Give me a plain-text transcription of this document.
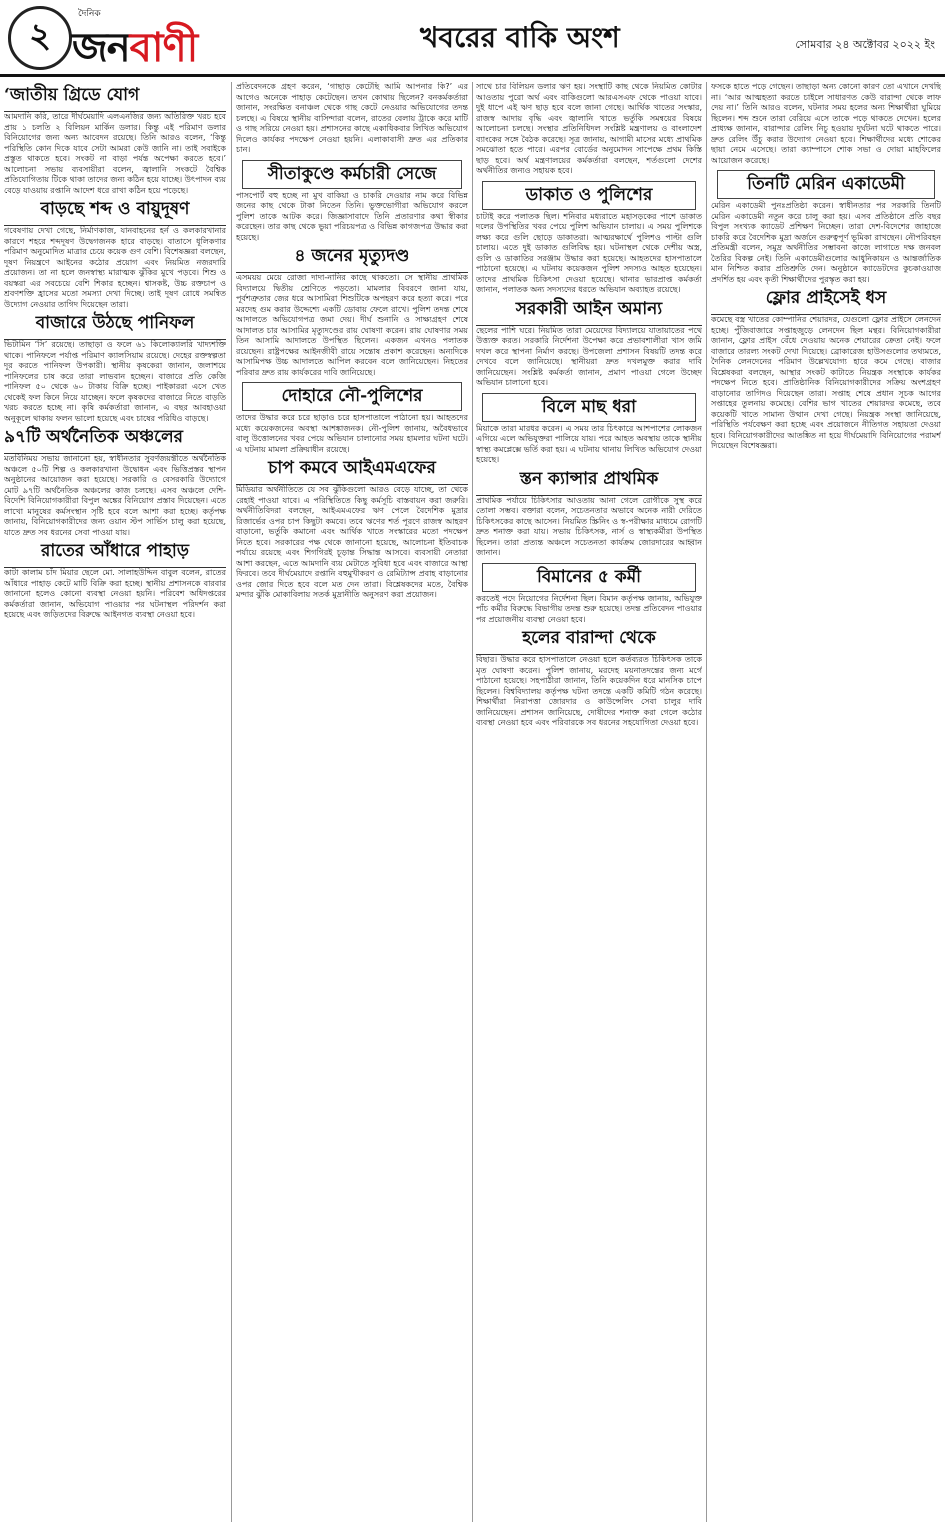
২
দৈনিক
জনবাণী	খবরের বাকি অংশ	সোমবার ২৪ অক্টোবর ২০২২ ইং
‘জাতীয় গ্রিডে যোগ

আমদানি করি, তারে দীর্ঘমেয়াদি এলএনজির জন্য অতিরিক্ত খরচ হবে প্রায় ১ চলতি ২ বিলিয়ন মার্কিন ডলার। কিন্তু এই পরিমাণ ডলার বিনিয়োগের জন্য অন্য আবেদন রয়েছে। তিনি আরও বলেন, ‘কিন্তু পরিস্থিতি কোন দিকে যাবে সেটা আমরা কেউ জানি না। তাই সবাইকে প্রস্তুত থাকতে হবে। সংকট না বাড়া পর্যন্ত অপেক্ষা করতে হবে।’ আলোচনা সভায় ব্যবসায়ীরা বলেন, জ্বালানি সংকটে বৈশ্বিক প্রতিযোগিতায় টিকে থাকা তাদের জন্য কঠিন হয়ে যাচ্ছে। উৎপাদন ব্যয় বেড়ে যাওয়ায় রপ্তানি আদেশ ধরে রাখা কঠিন হয়ে পড়েছে।

বাড়ছে শব্দ ও বায়ুদূষণ

গবেষণায় দেখা গেছে, নির্মাণকাজ, যানবাহনের হর্ন ও কলকারখানার কারণে শহরে শব্দদূষণ উদ্বেগজনক হারে বাড়ছে। বাতাসে ধূলিকণার পরিমাণ অনুমোদিত মাত্রার চেয়ে কয়েক গুণ বেশি। বিশেষজ্ঞরা বলছেন, দূষণ নিয়ন্ত্রণে আইনের কঠোর প্রয়োগ এবং নিয়মিত নজরদারি প্রয়োজন। তা না হলে জনস্বাস্থ্য মারাত্মক ঝুঁকির মুখে পড়বে। শিশু ও বয়স্করা এর সবচেয়ে বেশি শিকার হচ্ছেন। শ্বাসকষ্ট, উচ্চ রক্তচাপ ও শ্রবণশক্তি হ্রাসের মতো সমস্যা দেখা দিচ্ছে। তাই দূষণ রোধে সমন্বিত উদ্যোগ নেওয়ার তাগিদ দিয়েছেন তারা।

বাজারে উঠছে পানিফল

ভিটামিন ‘সি’ রয়েছে। তাছাড়া ও ফলে ৬১ কিলোক্যালরি খাদ্যশক্তি থাকে। পানিফলে পর্যাপ্ত পরিমাণ ক্যালসিয়াম রয়েছে। দেহের রক্তস্বল্পতা দূর করতে পানিফল উপকারী। স্থানীয় কৃষকেরা জানান, জলাশয়ে পানিফলের চাষ করে তারা লাভবান হচ্ছেন। বাজারে প্রতি কেজি পানিফল ৫০ থেকে ৬০ টাকায় বিক্রি হচ্ছে। পাইকাররা এসে খেত থেকেই ফল কিনে নিয়ে যাচ্ছেন। ফলে কৃষকদের বাজারে নিতে বাড়তি খরচ করতে হচ্ছে না। কৃষি কর্মকর্তারা জানান, এ বছর আবহাওয়া অনুকূলে থাকায় ফলন ভালো হয়েছে এবং চাষের পরিধিও বাড়ছে।

৯৭টি অর্থনৈতিক অঞ্চলের

মতবিনিময় সভায় জানানো হয়, স্বাধীনতার সুবর্ণজয়ন্তীতে অর্থনৈতিক অঞ্চলে ৫০টি শিল্প ও কলকারখানা উদ্বোধন এবং ভিত্তিপ্রস্তর স্থাপন অনুষ্ঠানের আয়োজন করা হয়েছে। সরকারি ও বেসরকারি উদ্যোগে মোট ৯৭টি অর্থনৈতিক অঞ্চলের কাজ চলছে। এসব অঞ্চলে দেশি-বিদেশি বিনিয়োগকারীরা বিপুল অঙ্কের বিনিয়োগ প্রস্তাব দিয়েছেন। এতে লাখো মানুষের কর্মসংস্থান সৃষ্টি হবে বলে আশা করা হচ্ছে। কর্তৃপক্ষ জানায়, বিনিয়োগকারীদের জন্য ওয়ান স্টপ সার্ভিস চালু করা হয়েছে, যাতে দ্রুত সব ধরনের সেবা পাওয়া যায়।

রাতের আঁধারে পাহাড়

কাটা কালাম চাঁদ মিয়ার ছেলে মো. সালাহউদ্দিন বাবুল বলেন, রাতের আঁধারে পাহাড় কেটে মাটি বিক্রি করা হচ্ছে। স্থানীয় প্রশাসনকে বারবার জানানো হলেও কোনো ব্যবস্থা নেওয়া হয়নি। পরিবেশ অধিদপ্তরের কর্মকর্তারা জানান, অভিযোগ পাওয়ার পর ঘটনাস্থল পরিদর্শন করা হয়েছে এবং জড়িতদের বিরুদ্ধে আইনগত ব্যবস্থা নেওয়া হবে।

প্রতিবেদনকে গ্রহণ করেন, ‘গাছাড় কেটেছি আমি আপনার কি?’ এর আগেও অনেকে পাহাড় কেটেছেন। তখন কোথায় ছিলেন? বনকর্মকর্তারা জানান, সংরক্ষিত বনাঞ্চল থেকে গাছ কেটে নেওয়ার অভিযোগের তদন্ত চলছে। এ বিষয়ে স্থানীয় বাসিন্দারা বলেন, রাতের বেলায় ট্রাকে করে মাটি ও গাছ সরিয়ে নেওয়া হয়। প্রশাসনের কাছে একাধিকবার লিখিত অভিযোগ দিলেও কার্যকর পদক্ষেপ নেওয়া হয়নি। এলাকাবাসী দ্রুত এর প্রতিকার চান।

সীতাকুণ্ডে কর্মচারী সেজে

পাসপোর্ট বহু হচ্ছে না মুখ বাকিয়া ও চাকরি দেওয়ার নাম করে বিভিন্ন জনের কাছ থেকে টাকা নিতেন তিনি। ভুক্তভোগীরা অভিযোগ করলে পুলিশ তাকে আটক করে। জিজ্ঞাসাবাদে তিনি প্রতারণার কথা স্বীকার করেছেন। তার কাছ থেকে ভুয়া পরিচয়পত্র ও বিভিন্ন কাগজপত্র উদ্ধার করা হয়েছে।

৪ জনের মৃত্যুদণ্ড

এসময়য় মেয়ে রোজা দাদা-নানির কাছে থাকতো। সে স্থানীয় প্রাথমিক বিদ্যালয়ে দ্বিতীয় শ্রেণিতে পড়তো। মামলার বিবরণে জানা যায়, পূর্বশত্রুতার জের ধরে আসামিরা শিশুটিকে অপহরণ করে হত্যা করে। পরে মরদেহ গুম করার উদ্দেশ্যে একটি ডোবায় ফেলে রাখে। পুলিশ তদন্ত শেষে আদালতে অভিযোগপত্র জমা দেয়। দীর্ঘ শুনানি ও সাক্ষ্যগ্রহণ শেষে আদালত চার আসামির মৃত্যুদণ্ডের রায় ঘোষণা করেন। রায় ঘোষণার সময় তিন আসামি আদালতে উপস্থিত ছিলেন। একজন এখনও পলাতক রয়েছেন। রাষ্ট্রপক্ষের আইনজীবী রায়ে সন্তোষ প্রকাশ করেছেন। অন্যদিকে আসামিপক্ষ উচ্চ আদালতে আপিল করবেন বলে জানিয়েছেন। নিহতের পরিবার দ্রুত রায় কার্যকরের দাবি জানিয়েছে।

দোহারে নৌ-পুলিশের

তাদের উদ্ধার করে চরে ছাড়াও চরে হাসপাতালে পাঠানো হয়। আহতদের মধ্যে কয়েকজনের অবস্থা আশঙ্কাজনক। নৌ-পুলিশ জানায়, অবৈধভাবে বালু উত্তোলনের খবর পেয়ে অভিযান চালানোর সময় হামলার ঘটনা ঘটে। এ ঘটনায় মামলা প্রক্রিয়াধীন রয়েছে।

চাপ কমবে আইএমএফের

মিডিয়ার অর্থনীতিতে যে সব ঝুঁকিগুলো আরও বেড়ে যাচ্ছে, তা থেকে রেহাই পাওয়া যাবে। এ পরিস্থিতিতে কিছু কর্মসূচি বাস্তবায়ন করা জরুরি। অর্থনীতিবিদরা বলছেন, আইএমএফের ঋণ পেলে বৈদেশিক মুদ্রার রিজার্ভের ওপর চাপ কিছুটা কমবে। তবে ঋণের শর্ত পূরণে রাজস্ব আহরণ বাড়ানো, ভর্তুকি কমানো এবং আর্থিক খাতে সংস্কারের মতো পদক্ষেপ নিতে হবে। সরকারের পক্ষ থেকে জানানো হয়েছে, আলোচনা ইতিবাচক পর্যায়ে রয়েছে এবং শিগগিরই চূড়ান্ত সিদ্ধান্ত আসবে। ব্যবসায়ী নেতারা আশা করছেন, এতে আমদানি ব্যয় মেটাতে সুবিধা হবে এবং বাজারে আস্থা ফিরবে। তবে দীর্ঘমেয়াদে রপ্তানি বহুমুখীকরণ ও রেমিট্যান্স প্রবাহ বাড়ানোর ওপর জোর দিতে হবে বলে মত দেন তারা। বিশ্লেষকদের মতে, বৈশ্বিক মন্দার ঝুঁকি মোকাবিলায় সতর্ক মুদ্রানীতি অনুসরণ করা প্রয়োজন।

সাথে চার বিলিয়ন ডলার ঋণ হয়। সংস্থাটি কাছ থেকে নিয়মিত কোটার আওতায় পুরো অর্থ এবং বাকিগুলো আরএসএফ থেকে পাওয়া যাবে। দুই ধাপে এই ঋণ ছাড় হবে বলে জানা গেছে। আর্থিক খাতের সংস্কার, রাজস্ব আদায় বৃদ্ধি এবং জ্বালানি খাতে ভর্তুকি সমন্বয়ের বিষয়ে আলোচনা চলছে। সংস্থার প্রতিনিধিদল সংশ্লিষ্ট মন্ত্রণালয় ও বাংলাদেশ ব্যাংকের সঙ্গে বৈঠক করেছে। সূত্র জানায়, আগামী মাসের মধ্যে প্রাথমিক সমঝোতা হতে পারে। এরপর বোর্ডের অনুমোদন সাপেক্ষে প্রথম কিস্তি ছাড় হবে। অর্থ মন্ত্রণালয়ের কর্মকর্তারা বলছেন, শর্তগুলো দেশের অর্থনীতির জন্যও সহায়ক হবে।

ডাকাত ও পুলিশের

চাটাই করে পলাতক ছিল। শনিবার মধ্যরাতে মহাসড়কের পাশে ডাকাত দলের উপস্থিতির খবর পেয়ে পুলিশ অভিযান চালায়। এ সময় পুলিশকে লক্ষ্য করে গুলি ছোড়ে ডাকাতরা। আত্মরক্ষার্থে পুলিশও পাল্টা গুলি চালায়। এতে দুই ডাকাত গুলিবিদ্ধ হয়। ঘটনাস্থল থেকে দেশীয় অস্ত্র, গুলি ও ডাকাতির সরঞ্জাম উদ্ধার করা হয়েছে। আহতদের হাসপাতালে পাঠানো হয়েছে। এ ঘটনায় কয়েকজন পুলিশ সদস্যও আহত হয়েছেন। তাদের প্রাথমিক চিকিৎসা দেওয়া হয়েছে। থানার ভারপ্রাপ্ত কর্মকর্তা জানান, পলাতক অন্য সদস্যদের ধরতে অভিযান অব্যাহত রয়েছে।

সরকারী আইন অমান্য

ছেলের পাশি ঘরে। নিয়মিত তারা মেয়েদের বিদ্যালয়ে যাতায়াতের পথে উত্ত্যক্ত করত। সরকারি নির্দেশনা উপেক্ষা করে প্রভাবশালীরা খাস জমি দখল করে স্থাপনা নির্মাণ করছে। উপজেলা প্রশাসন বিষয়টি তদন্ত করে দেখবে বলে জানিয়েছে। স্থানীয়রা দ্রুত দখলমুক্ত করার দাবি জানিয়েছেন। সংশ্লিষ্ট কর্মকর্তা জানান, প্রমাণ পাওয়া গেলে উচ্ছেদ অভিযান চালানো হবে।

বিলে মাছ ধরা

মিয়াকে তারা মারধর করেন। এ সময় তার চিৎকারে আশপাশের লোকজন এগিয়ে এলে অভিযুক্তরা পালিয়ে যায়। পরে আহত অবস্থায় তাকে স্থানীয় স্বাস্থ্য কমপ্লেক্সে ভর্তি করা হয়। এ ঘটনায় থানায় লিখিত অভিযোগ দেওয়া হয়েছে।

স্তন ক্যান্সার প্রাথমিক

প্রাথমিক পর্যায়ে চিকিৎসার আওতায় আনা গেলে রোগীকে সুস্থ করে তোলা সম্ভব। বক্তারা বলেন, সচেতনতার অভাবে অনেক নারী দেরিতে চিকিৎসকের কাছে আসেন। নিয়মিত স্ক্রিনিং ও স্ব-পরীক্ষার মাধ্যমে রোগটি দ্রুত শনাক্ত করা যায়। সভায় চিকিৎসক, নার্স ও স্বাস্থ্যকর্মীরা উপস্থিত ছিলেন। তারা প্রত্যন্ত অঞ্চলে সচেতনতা কার্যক্রম জোরদারের আহ্বান জানান।

বিমানের ৫ কর্মী

করতেই পদে নিয়োগের নির্দেশনা ছিল। বিমান কর্তৃপক্ষ জানায়, অভিযুক্ত পাঁচ কর্মীর বিরুদ্ধে বিভাগীয় তদন্ত শুরু হয়েছে। তদন্ত প্রতিবেদন পাওয়ার পর প্রয়োজনীয় ব্যবস্থা নেওয়া হবে।

হলের বারান্দা থেকে

বিছার। উদ্ধার করে হাসপাতালে নেওয়া হলে কর্তব্যরত চিকিৎসক তাকে মৃত ঘোষণা করেন। পুলিশ জানায়, মরদেহ ময়নাতদন্তের জন্য মর্গে পাঠানো হয়েছে। সহপাঠীরা জানান, তিনি কয়েকদিন ধরে মানসিক চাপে ছিলেন। বিশ্ববিদ্যালয় কর্তৃপক্ষ ঘটনা তদন্তে একটি কমিটি গঠন করেছে। শিক্ষার্থীরা নিরাপত্তা জোরদার ও কাউন্সেলিং সেবা চালুর দাবি জানিয়েছেন। প্রশাসন জানিয়েছে, দোষীদের শনাক্ত করা গেলে কঠোর ব্যবস্থা নেওয়া হবে এবং পরিবারকে সব ধরনের সহযোগিতা দেওয়া হবে।

ফসকে হাতে পড়ে গেছেন। তাছাড়া অন্য কোনো কারণ তো এখানে দেখছি না। ‘আর আত্মহত্যা করতে চাইলে সাধারণত কেউ বারান্দা থেকে লাফ দেয় না।’ তিনি আরও বলেন, ঘটনার সময় হলের অন্য শিক্ষার্থীরা ঘুমিয়ে ছিলেন। শব্দ শুনে তারা বেরিয়ে এসে তাকে পড়ে থাকতে দেখেন। হলের প্রাধ্যক্ষ জানান, বারান্দার রেলিং নিচু হওয়ায় দুর্ঘটনা ঘটে থাকতে পারে। দ্রুত রেলিং উঁচু করার উদ্যোগ নেওয়া হবে। শিক্ষার্থীদের মধ্যে শোকের ছায়া নেমে এসেছে। তারা ক্যাম্পাসে শোক সভা ও দোয়া মাহফিলের আয়োজন করেছে।

তিনটি মেরিন একাডেমী

মেরিন একাডেমী পুনঃপ্রতিষ্ঠা করেন। স্বাধীনতার পর সরকারি তিনটি মেরিন একাডেমী নতুন করে চালু করা হয়। এসব প্রতিষ্ঠানে প্রতি বছর বিপুল সংখ্যক ক্যাডেট প্রশিক্ষণ নিচ্ছেন। তারা দেশ-বিদেশের জাহাজে চাকরি করে বৈদেশিক মুদ্রা অর্জনে গুরুত্বপূর্ণ ভূমিকা রাখছেন। নৌপরিবহন প্রতিমন্ত্রী বলেন, সমুদ্র অর্থনীতির সম্ভাবনা কাজে লাগাতে দক্ষ জনবল তৈরির বিকল্প নেই। তিনি একাডেমীগুলোর আধুনিকায়ন ও আন্তর্জাতিক মান নিশ্চিত করার প্রতিশ্রুতি দেন। অনুষ্ঠানে ক্যাডেটদের কুচকাওয়াজ প্রদর্শিত হয় এবং কৃতী শিক্ষার্থীদের পুরস্কৃত করা হয়।

ফ্লোর প্রাইসেই ধস

কমেছে বস্ত্র খাতের কোম্পানির শেয়ারদর, যেগুলো ফ্লোর প্রাইসে লেনদেন হচ্ছে। পুঁজিবাজারে সপ্তাহজুড়ে লেনদেন ছিল মন্থর। বিনিয়োগকারীরা জানান, ফ্লোর প্রাইস বেঁধে দেওয়ায় অনেক শেয়ারের ক্রেতা নেই। ফলে বাজারে তারল্য সংকট দেখা দিয়েছে। ব্রোকারেজ হাউসগুলোর তথ্যমতে, দৈনিক লেনদেনের পরিমাণ উল্লেখযোগ্য হারে কমে গেছে। বাজার বিশ্লেষকরা বলছেন, আস্থার সংকট কাটাতে নিয়ন্ত্রক সংস্থাকে কার্যকর পদক্ষেপ নিতে হবে। প্রাতিষ্ঠানিক বিনিয়োগকারীদের সক্রিয় অংশগ্রহণ বাড়ানোর তাগিদও দিয়েছেন তারা। সপ্তাহ শেষে প্রধান সূচক আগের সপ্তাহের তুলনায় কমেছে। বেশির ভাগ খাতের শেয়ারদর কমেছে, তবে কয়েকটি খাতে সামান্য উত্থান দেখা গেছে। নিয়ন্ত্রক সংস্থা জানিয়েছে, পরিস্থিতি পর্যবেক্ষণ করা হচ্ছে এবং প্রয়োজনে নীতিগত সহায়তা দেওয়া হবে। বিনিয়োগকারীদের আতঙ্কিত না হয়ে দীর্ঘমেয়াদি বিনিয়োগের পরামর্শ দিয়েছেন বিশেষজ্ঞরা।
